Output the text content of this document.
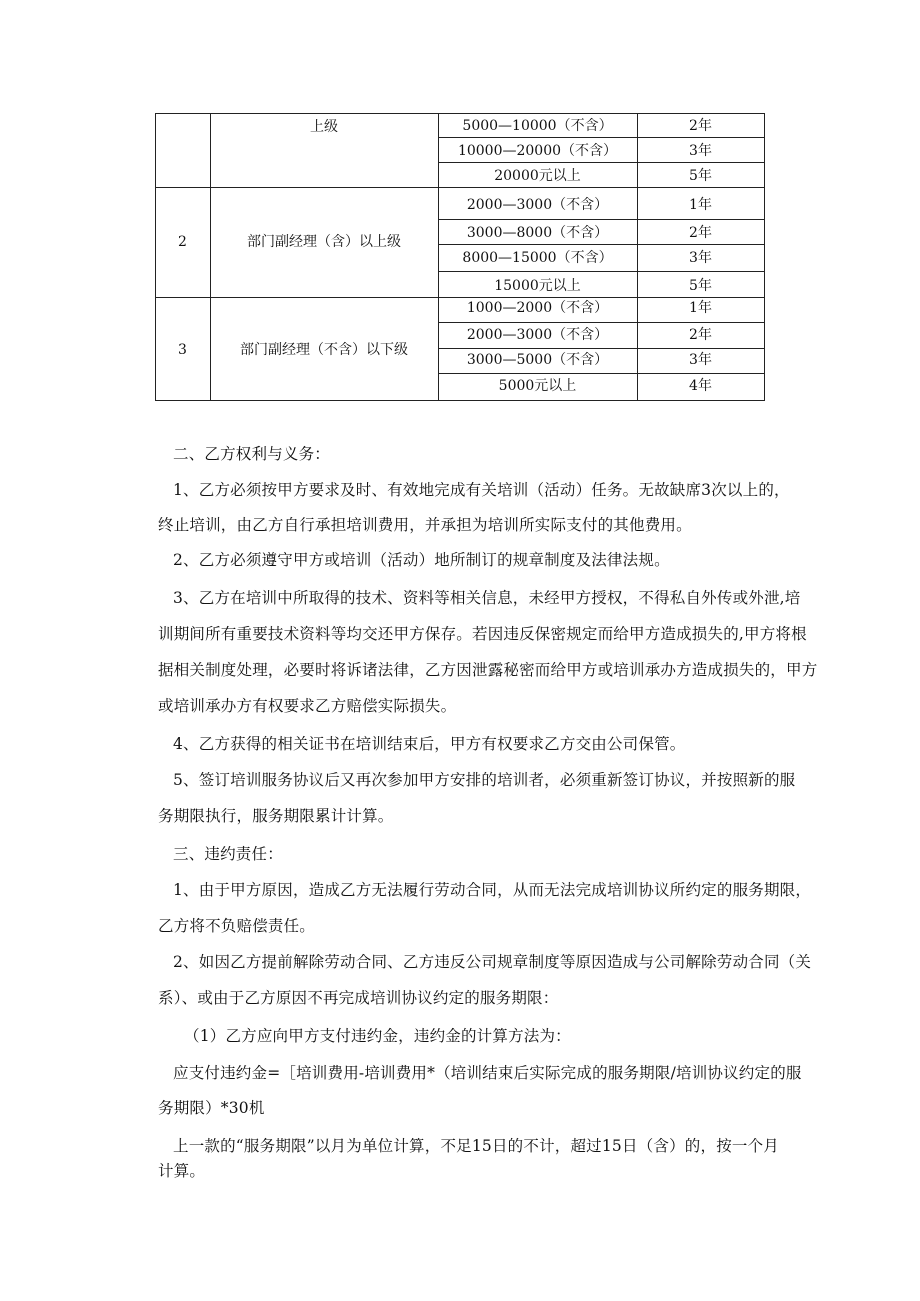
上级	5000—10000（不含）	2年
10000—20000（不含）	3年
20000元以上	5年
2	部门副经理（含）以上级
2000—3000（不含）	1年
3000—8000（不含）	2年
8000—15000（不含）	3年
15000元以上	5年
3	部门副经理（不含）以下级
1000—2000（不含）	1年
2000—3000（不含）	2年
3000—5000（不含）	3年
5000元以上	4年
二、乙方权利与义务：
1、乙方必须按甲方要求及时、有效地完成有关培训（活动）任务。无故缺席3次以上的，
终止培训，由乙方自行承担培训费用，并承担为培训所实际支付的其他费用。
2、乙方必须遵守甲方或培训（活动）地所制订的规章制度及法律法规。
3、乙方在培训中所取得的技术、资料等相关信息，未经甲方授权，不得私自外传或外泄,培
训期间所有重要技术资料等均交还甲方保存。若因违反保密规定而给甲方造成损失的,甲方将根
据相关制度处理，必要时将诉诸法律，乙方因泄露秘密而给甲方或培训承办方造成损失的，甲方
或培训承办方有权要求乙方赔偿实际损失。
4、乙方获得的相关证书在培训结束后，甲方有权要求乙方交由公司保管。
5、签订培训服务协议后又再次参加甲方安排的培训者，必须重新签订协议，并按照新的服
务期限执行，服务期限累计计算。
三、违约责任：
1、由于甲方原因，造成乙方无法履行劳动合同，从而无法完成培训协议所约定的服务期限，
乙方将不负赔偿责任。
2、如因乙方提前解除劳动合同、乙方违反公司规章制度等原因造成与公司解除劳动合同（关
系）、或由于乙方原因不再完成培训协议约定的服务期限：
（1）乙方应向甲方支付违约金，违约金的计算方法为：
应支付违约金=［培训费用-培训费用*（培训结束后实际完成的服务期限/培训协议约定的服
务期限）*30机
上一款的“服务期限”以月为单位计算，不足15日的不计，超过15日（含）的，按一个月
计算。
